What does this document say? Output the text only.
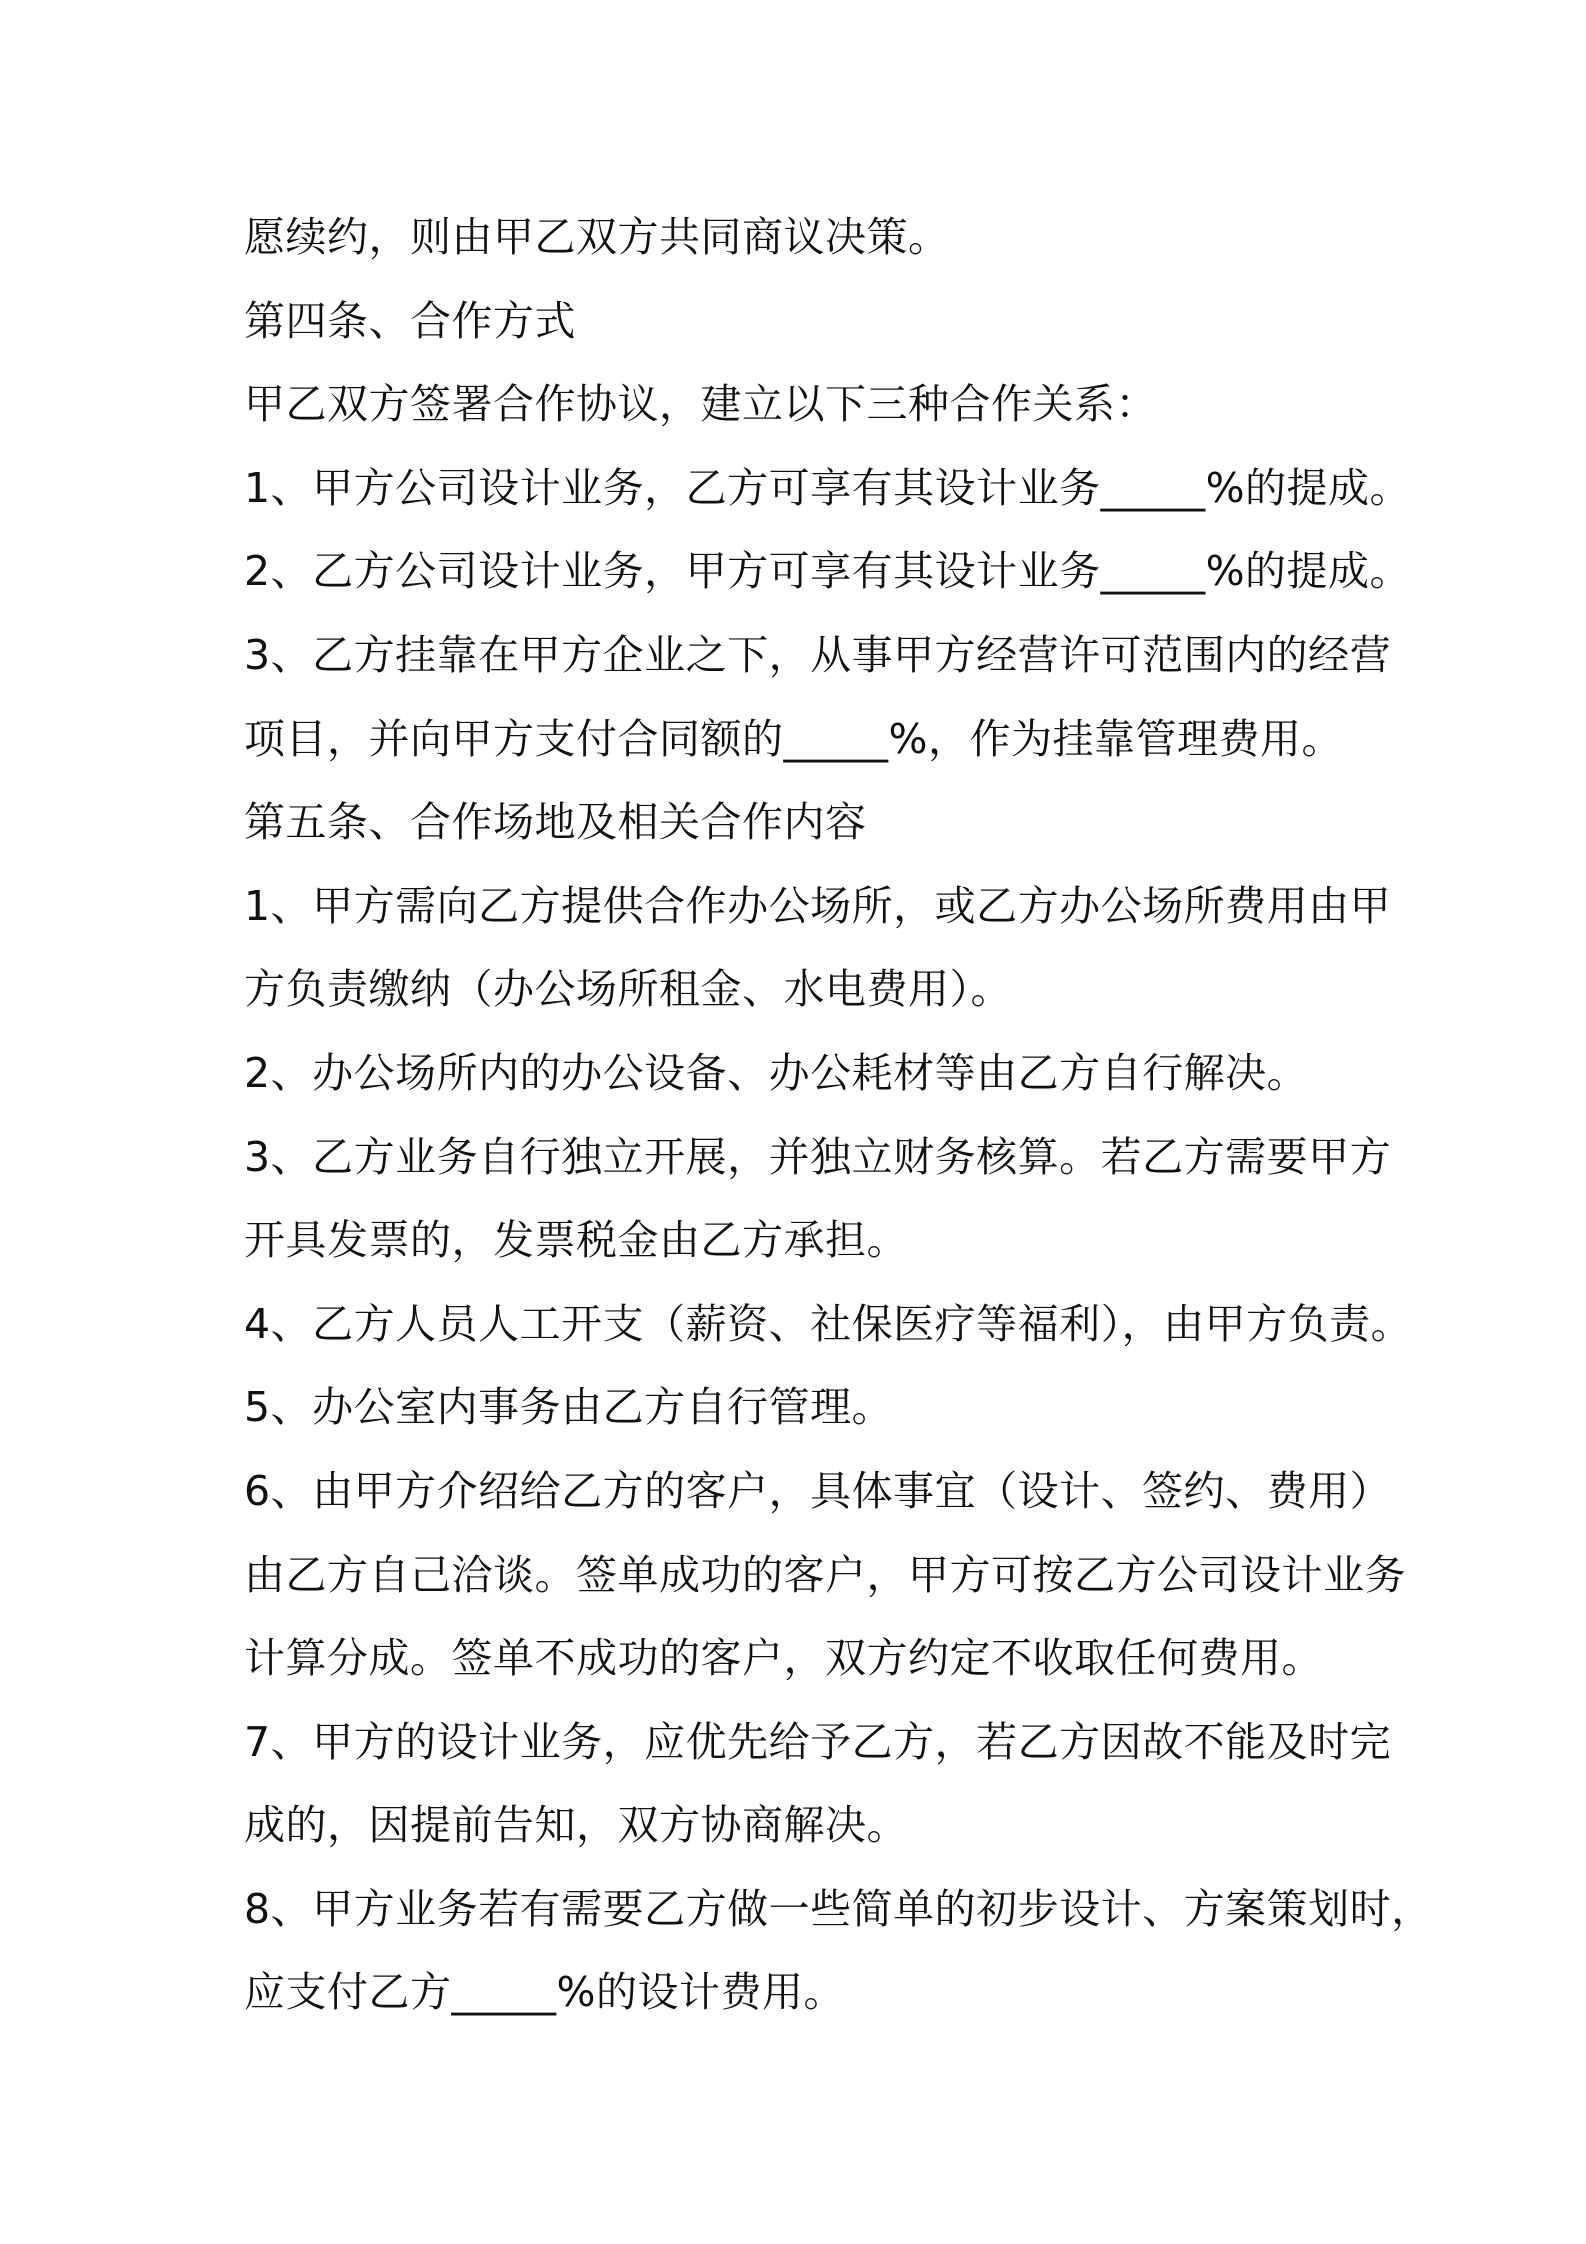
愿续约，则由甲乙双方共同商议决策。
第四条、合作方式
甲乙双方签署合作协议，建立以下三种合作关系：
1、甲方公司设计业务，乙方可享有其设计业务_____%的提成。
2、乙方公司设计业务，甲方可享有其设计业务_____%的提成。
3、乙方挂靠在甲方企业之下，从事甲方经营许可范围内的经营
项目，并向甲方支付合同额的_____%，作为挂靠管理费用。
第五条、合作场地及相关合作内容
1、甲方需向乙方提供合作办公场所，或乙方办公场所费用由甲
方负责缴纳（办公场所租金、水电费用）。
2、办公场所内的办公设备、办公耗材等由乙方自行解决。
3、乙方业务自行独立开展，并独立财务核算。若乙方需要甲方
开具发票的，发票税金由乙方承担。
4、乙方人员人工开支（薪资、社保医疗等福利），由甲方负责。
5、办公室内事务由乙方自行管理。
6、由甲方介绍给乙方的客户，具体事宜（设计、签约、费用）
由乙方自己洽谈。签单成功的客户，甲方可按乙方公司设计业务
计算分成。签单不成功的客户，双方约定不收取任何费用。
7、甲方的设计业务，应优先给予乙方，若乙方因故不能及时完
成的，因提前告知，双方协商解决。
8、甲方业务若有需要乙方做一些简单的初步设计、方案策划时，
应支付乙方_____%的设计费用。
